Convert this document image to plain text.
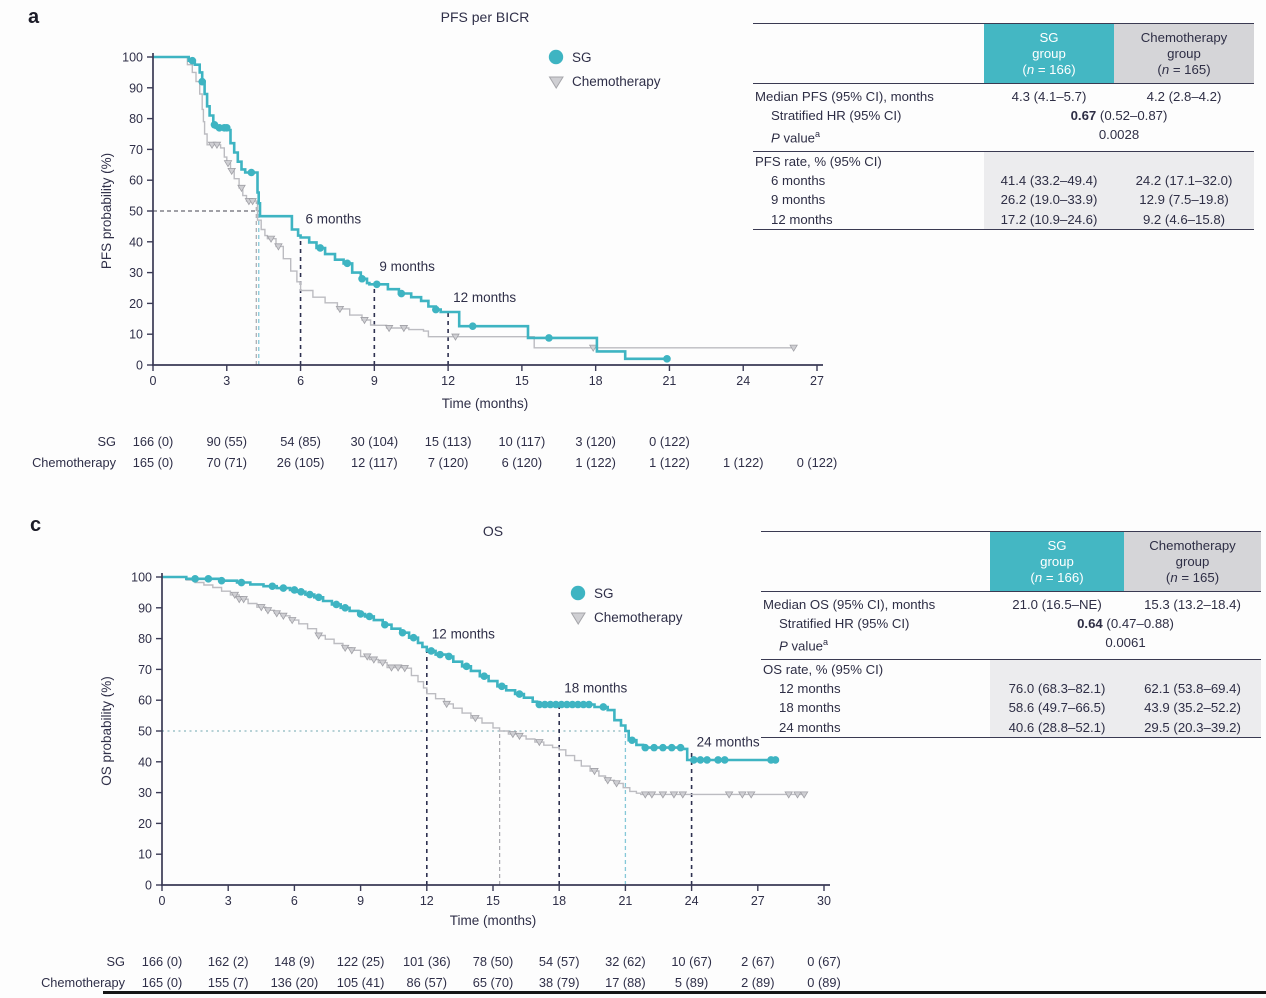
a
c
PFS per BICR
SG
Chemotherapy
6 months
9 months
12 months
0
10
20
30
40
50
60
70
80
90
100
0	3	6	9	12	15	18	21	24	27
Time (months)
PFS probability (%)
SG 166 (0)	90 (55)	54 (85) 30 (104) 15 (113) 10 (117) 3 (120)	0 (122)
Chemotherapy 165 (0)	70 (71) 26 (105) 12 (117) 7 (120)	6 (120)	1 (122)	1 (122)	1 (122)	0 (122)
OS
SG
Chemotherapy
12 months
18 months
24 months
0
10
20
30
40
50
60
70
80
90
100
0	3	6	9	12	15	18	21	24	27	30
Time (months)
OS probability (%)
SG 166 (0) 162 (2) 148 (9) 122 (25) 101 (36) 78 (50) 54 (57) 32 (62) 10 (67) 2 (67)	0 (67)
Chemotherapy 165 (0) 155 (7) 136 (20) 105 (41) 86 (57) 65 (70) 38 (79) 17 (88) 5 (89)	2 (89)	0 (89)
SG
group
(n = 166)
Chemotherapy
group
(n = 165)
Median PFS (95% CI), months	4.3 (4.1–5.7)	4.2 (2.8–4.2)
Stratified HR (95% CI)	0.67 (0.52–0.87)
P value$^a$	0.0028
PFS rate, % (95% CI)
6 months	41.4 (33.2–49.4)	24.2 (17.1–32.0)
9 months	26.2 (19.0–33.9)	12.9 (7.5–19.8)
12 months	17.2 (10.9–24.6)	9.2 (4.6–15.8)
SG
group
(n = 166)
Chemotherapy
group
(n = 165)
Median OS (95% CI), months	21.0 (16.5–NE)	15.3 (13.2–18.4)
Stratified HR (95% CI)	0.64 (0.47–0.88)
P value$^a$	0.0061
OS rate, % (95% CI)
12 months	76.0 (68.3–82.1)	62.1 (53.8–69.4)
18 months	58.6 (49.7–66.5)	43.9 (35.2–52.2)
24 months	40.6 (28.8–52.1)	29.5 (20.3–39.2)
